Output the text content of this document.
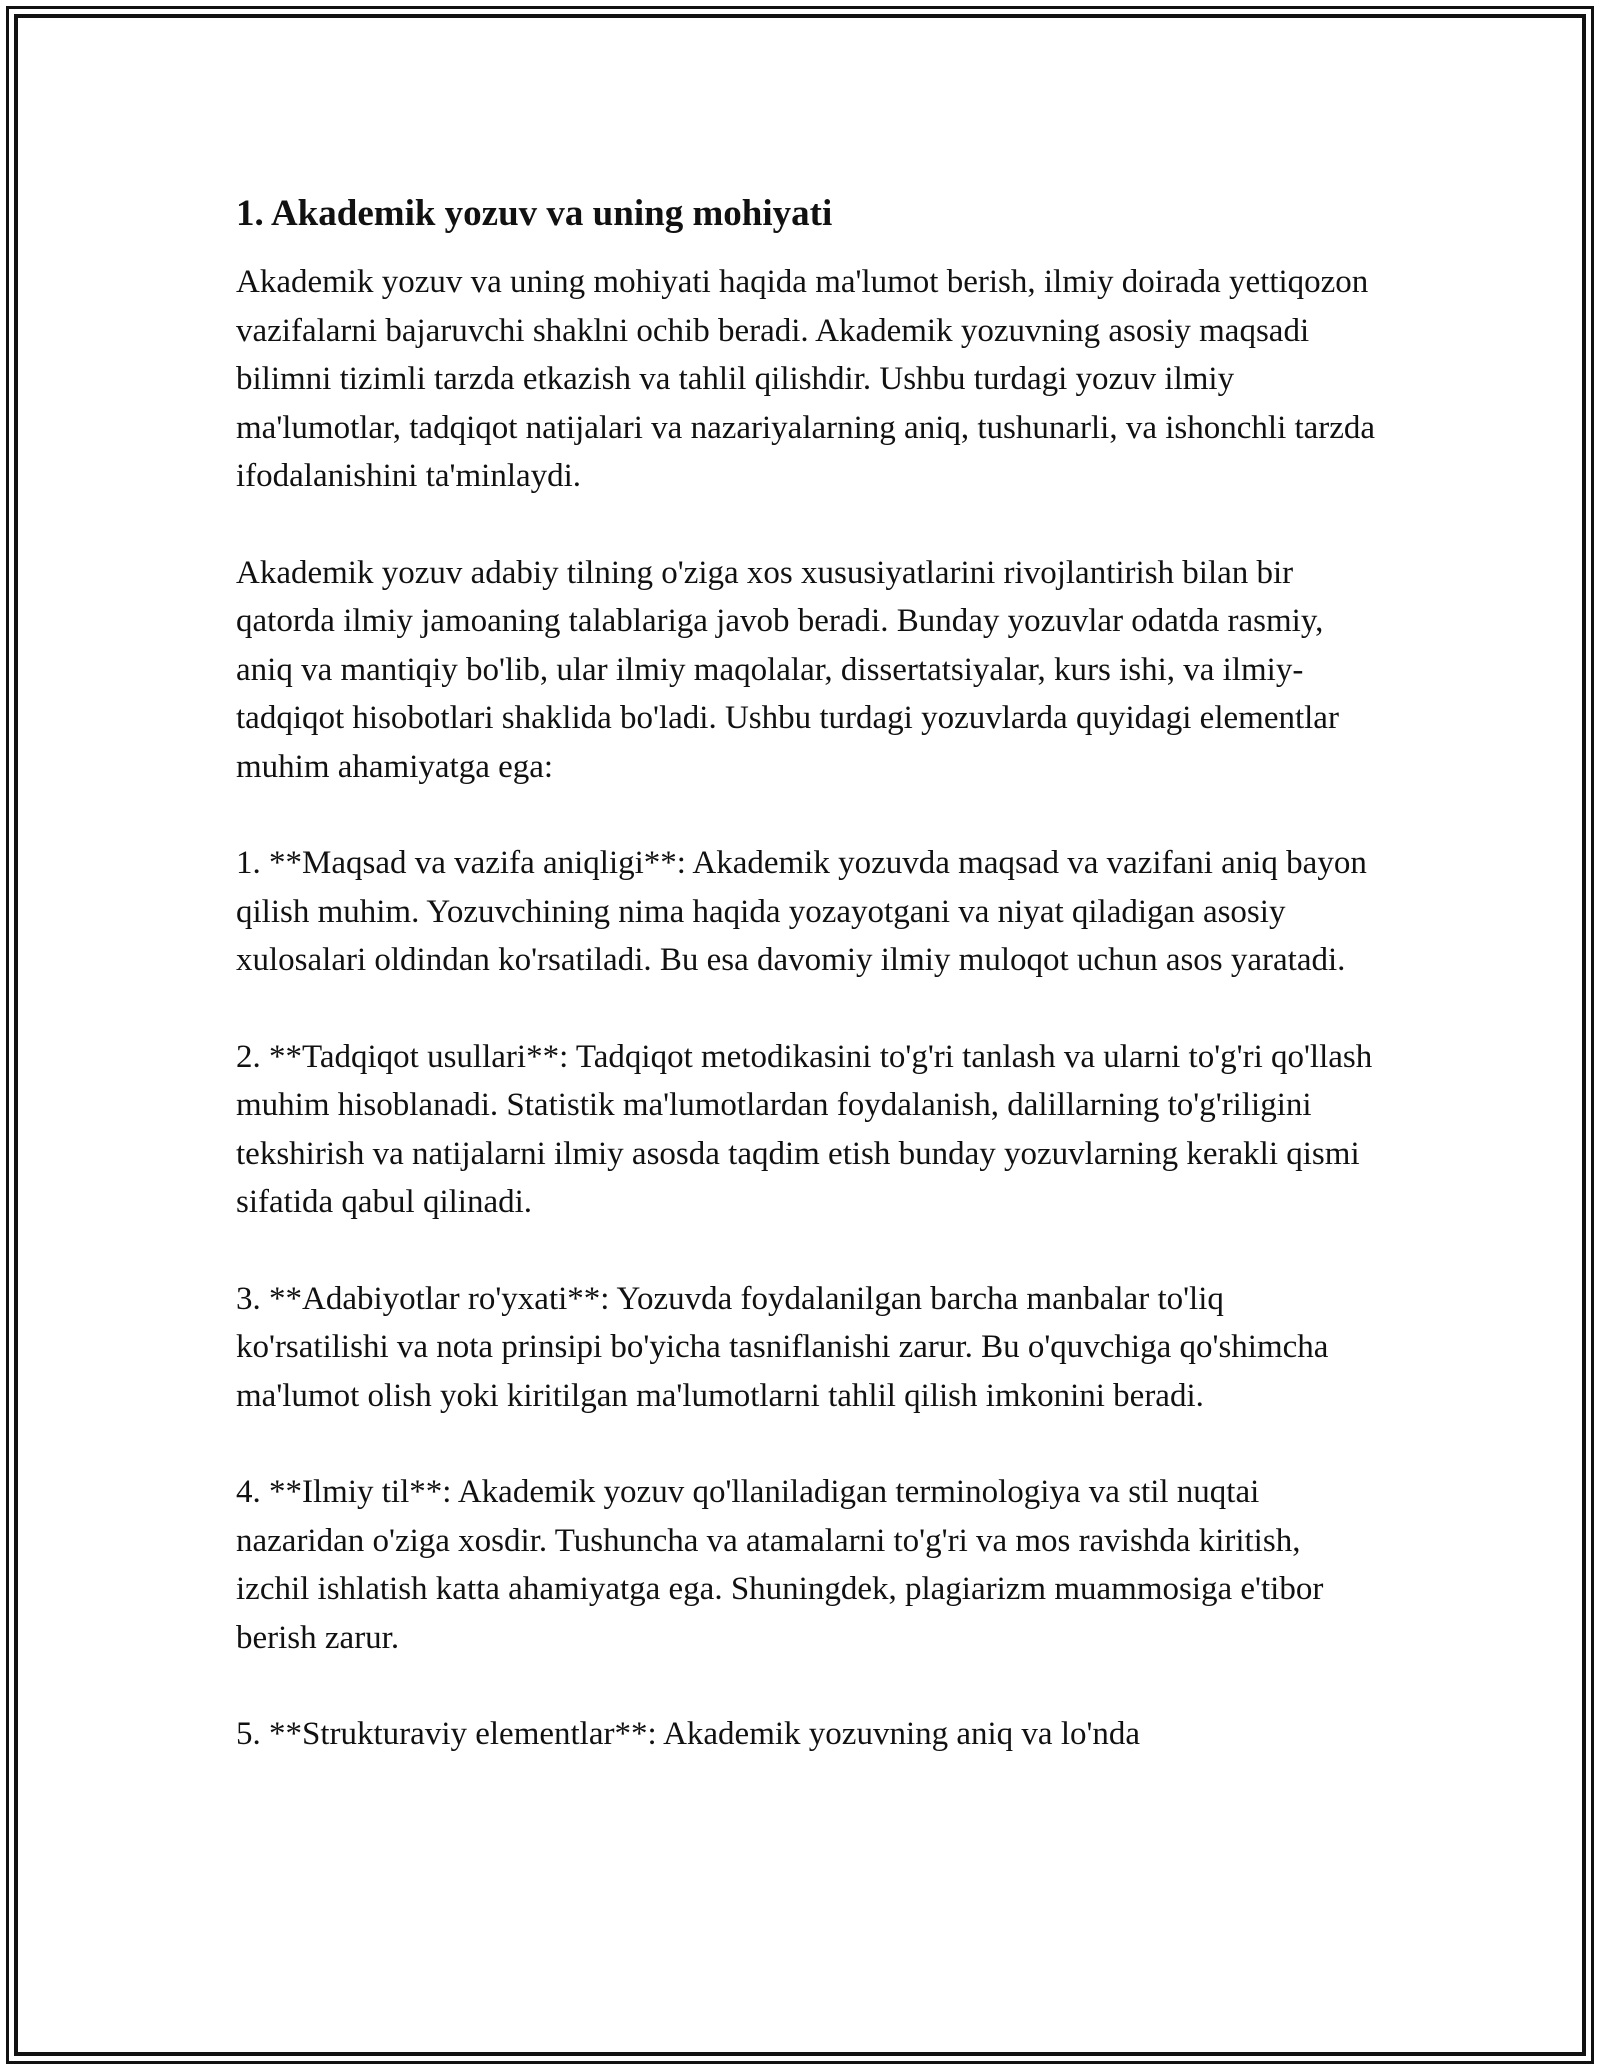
1. Akademik yozuv va uning mohiyati

Akademik yozuv va uning mohiyati haqida ma'lumot berish, ilmiy doirada yettiqozon vazifalarni bajaruvchi shaklni ochib beradi. Akademik yozuvning asosiy maqsadi bilimni tizimli tarzda etkazish va tahlil qilishdir. Ushbu turdagi yozuv ilmiy ma'lumotlar, tadqiqot natijalari va nazariyalarning aniq, tushunarli, va ishonchli tarzda ifodalanishini ta'minlaydi.

Akademik yozuv adabiy tilning o'ziga xos xususiyatlarini rivojlantirish bilan bir qatorda ilmiy jamoaning talablariga javob beradi. Bunday yozuvlar odatda rasmiy, aniq va mantiqiy bo'lib, ular ilmiy maqolalar, dissertatsiyalar, kurs ishi, va ilmiy-tadqiqot hisobotlari shaklida bo'ladi. Ushbu turdagi yozuvlarda quyidagi elementlar muhim ahamiyatga ega:

1. **Maqsad va vazifa aniqligi**: Akademik yozuvda maqsad va vazifani aniq bayon qilish muhim. Yozuvchining nima haqida yozayotgani va niyat qiladigan asosiy xulosalari oldindan ko'rsatiladi. Bu esa davomiy ilmiy muloqot uchun asos yaratadi.

2. **Tadqiqot usullari**: Tadqiqot metodikasini to'g'ri tanlash va ularni to'g'ri qo'llash muhim hisoblanadi. Statistik ma'lumotlardan foydalanish, dalillarning to'g'riligini tekshirish va natijalarni ilmiy asosda taqdim etish bunday yozuvlarning kerakli qismi sifatida qabul qilinadi.

3. **Adabiyotlar ro'yxati**: Yozuvda foydalanilgan barcha manbalar to'liq ko'rsatilishi va nota prinsipi bo'yicha tasniflanishi zarur. Bu o'quvchiga qo'shimcha ma'lumot olish yoki kiritilgan ma'lumotlarni tahlil qilish imkonini beradi.

4. **Ilmiy til**: Akademik yozuv qo'llaniladigan terminologiya va stil nuqtai nazaridan o'ziga xosdir. Tushuncha va atamalarni to'g'ri va mos ravishda kiritish, izchil ishlatish katta ahamiyatga ega. Shuningdek, plagiarizm muammosiga e'tibor berish zarur.

5. **Strukturaviy elementlar**: Akademik yozuvning aniq va lo'nda
